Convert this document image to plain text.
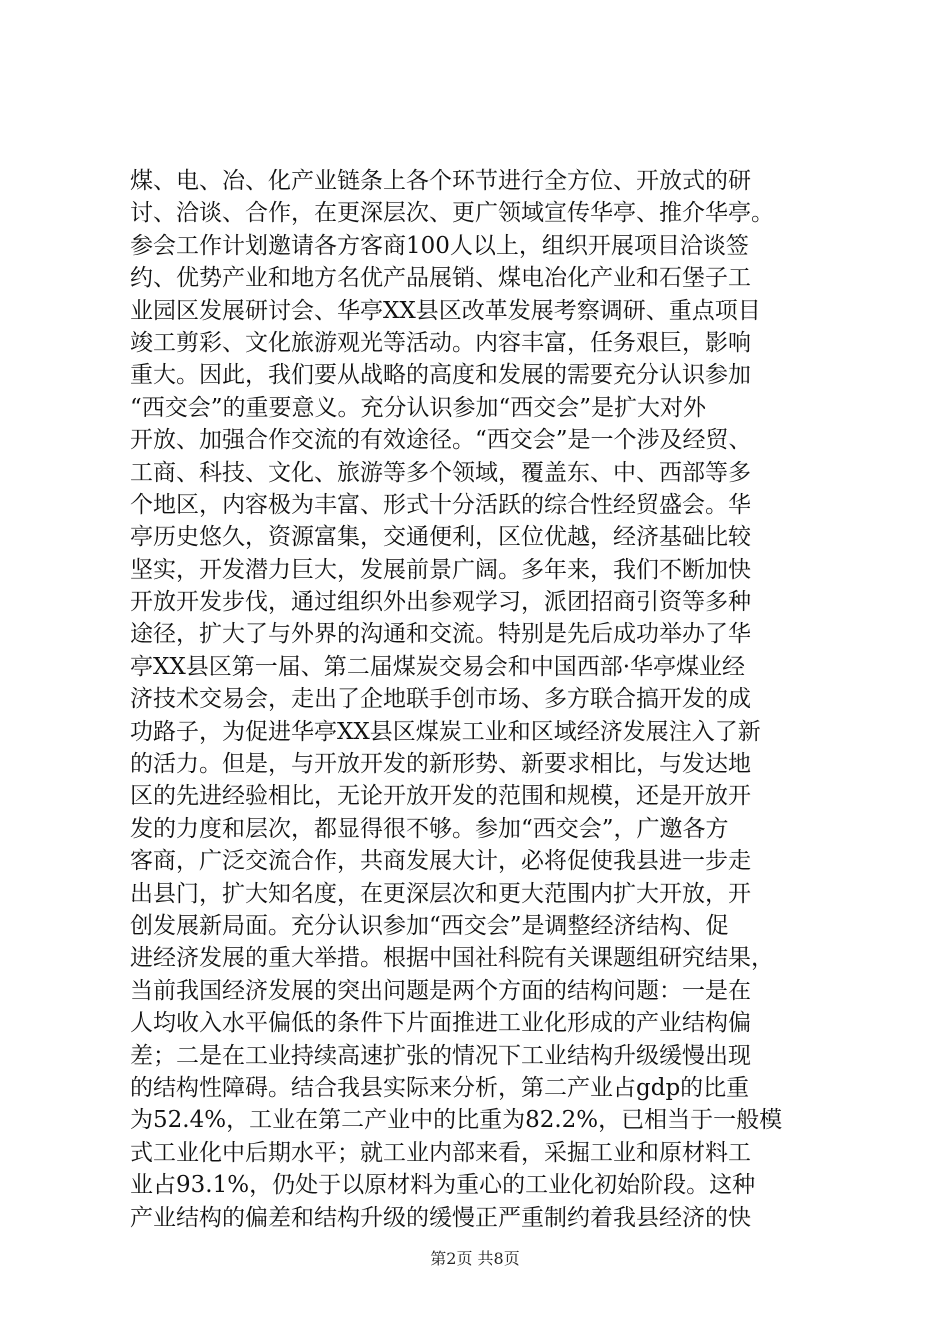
煤、电、冶、化产业链条上各个环节进行全方位、开放式的研
讨、洽谈、合作，在更深层次、更广领域宣传华亭、推介华亭。
参会工作计划邀请各方客商100人以上，组织开展项目洽谈签
约、优势产业和地方名优产品展销、煤电冶化产业和石堡子工
业园区发展研讨会、华亭XX县区改革发展考察调研、重点项目
竣工剪彩、文化旅游观光等活动。内容丰富，任务艰巨，影响
重大。因此，我们要从战略的高度和发展的需要充分认识参加
“西交会”的重要意义。充分认识参加“西交会”是扩大对外
开放、加强合作交流的有效途径。“西交会”是一个涉及经贸、
工商、科技、文化、旅游等多个领域，覆盖东、中、西部等多
个地区，内容极为丰富、形式十分活跃的综合性经贸盛会。华
亭历史悠久，资源富集，交通便利，区位优越，经济基础比较
坚实，开发潜力巨大，发展前景广阔。多年来，我们不断加快
开放开发步伐，通过组织外出参观学习，派团招商引资等多种
途径，扩大了与外界的沟通和交流。特别是先后成功举办了华
亭XX县区第一届、第二届煤炭交易会和中国西部·华亭煤业经
济技术交易会，走出了企地联手创市场、多方联合搞开发的成
功路子，为促进华亭XX县区煤炭工业和区域经济发展注入了新
的活力。但是，与开放开发的新形势、新要求相比，与发达地
区的先进经验相比，无论开放开发的范围和规模，还是开放开
发的力度和层次，都显得很不够。参加“西交会”，广邀各方
客商，广泛交流合作，共商发展大计，必将促使我县进一步走
出县门，扩大知名度，在更深层次和更大范围内扩大开放，开
创发展新局面。充分认识参加“西交会”是调整经济结构、促
进经济发展的重大举措。根据中国社科院有关课题组研究结果，
当前我国经济发展的突出问题是两个方面的结构问题：一是在
人均收入水平偏低的条件下片面推进工业化形成的产业结构偏
差；二是在工业持续高速扩张的情况下工业结构升级缓慢出现
的结构性障碍。结合我县实际来分析，第二产业占gdp的比重
为52.4%，工业在第二产业中的比重为82.2%，已相当于一般模
式工业化中后期水平；就工业内部来看，采掘工业和原材料工
业占93.1%，仍处于以原材料为重心的工业化初始阶段。这种
产业结构的偏差和结构升级的缓慢正严重制约着我县经济的快
第2页 共8页
